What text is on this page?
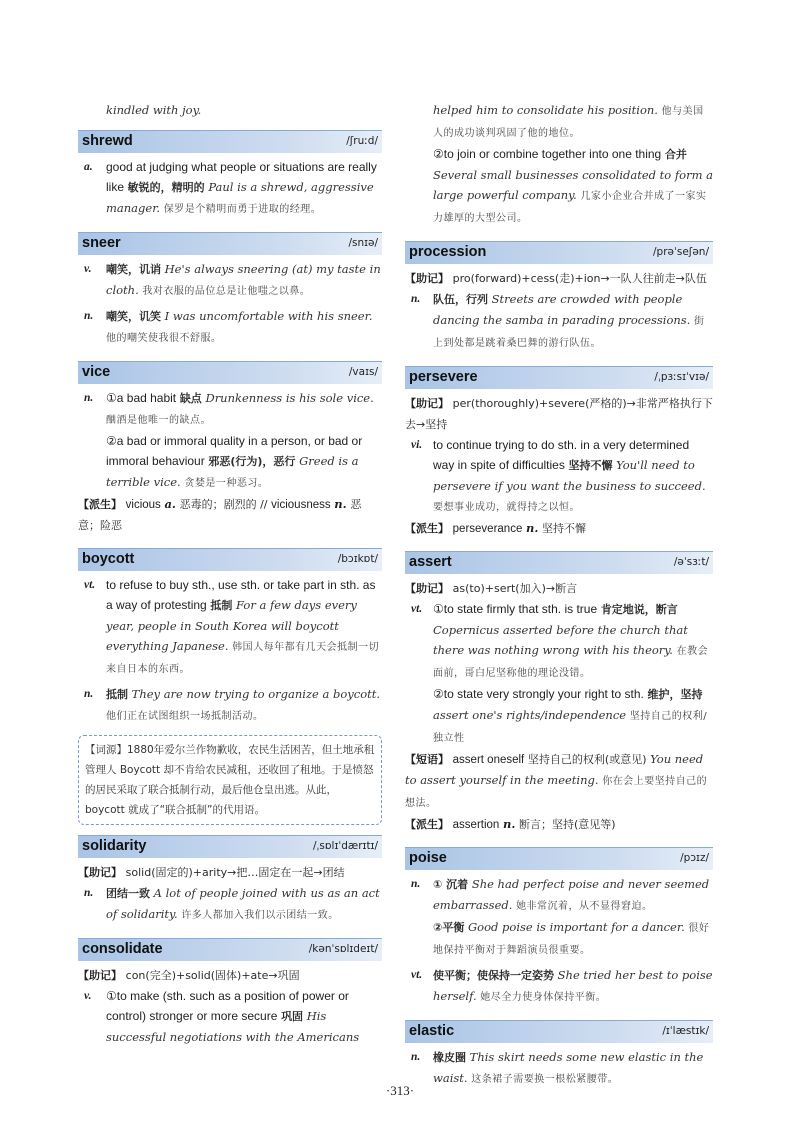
kindled with joy.
shrewd	/ʃruːd/
a.	good at judging what people or situations are really like 敏锐的，精明的 Paul is a shrewd, aggressive manager. 保罗是个精明而勇于进取的经理。
sneer	/snɪə/
v.	嘲笑，讥诮 He's always sneering (at) my taste in cloth. 我对衣服的品位总是让他嗤之以鼻。
n.	嘲笑，讥笑 I was uncomfortable with his sneer. 他的嘲笑使我很不舒服。
vice	/vaɪs/
n.	①a bad habit 缺点 Drunkenness is his sole vice. 酗酒是他唯一的缺点。
②a bad or immoral quality in a person, or bad or immoral behaviour 邪恶(行为)，恶行 Greed is a terrible vice. 贪婪是一种恶习。
【派生】 vicious a. 恶毒的；剧烈的 // viciousness n. 恶意；险恶
boycott	/bɔɪkɒt/
vt. to refuse to buy sth., use sth. or take part in sth. as a way of protesting 抵制 For a few days every year, people in South Korea will boycott everything Japanese. 韩国人每年都有几天会抵制一切来自日本的东西。
n.	抵制 They are now trying to organize a boycott. 他们正在试图组织一场抵制活动。
【词源】1880年爱尔兰作物歉收，农民生活困苦，但土地承租管理人 Boycott 却不肯给农民减租，还收回了租地。于是愤怒的居民采取了联合抵制行动，最后他仓皇出逃。从此，boycott 就成了“联合抵制”的代用语。
solidarity	/ˌsɒlɪˈdærɪtɪ/
【助记】 solid(固定的)+arity→把…固定在一起→团结
n.	团结一致 A lot of people joined with us as an act of solidarity. 许多人都加入我们以示团结一致。
consolidate	/kənˈsɒlɪdeɪt/
【助记】 con(完全)+solid(固体)+ate→巩固
v.	①to make (sth. such as a position of power or control) stronger or more secure 巩固 His successful negotiations with the Americans
helped him to consolidate his position. 他与美国人的成功谈判巩固了他的地位。
②to join or combine together into one thing 合并 Several small businesses consolidated to form a large powerful company. 几家小企业合并成了一家实力雄厚的大型公司。
procession	/prəˈseʃən/
【助记】 pro(forward)+cess(走)+ion→一队人往前走→队伍
n.	队伍，行列 Streets are crowded with people dancing the samba in parading processions. 街上到处都是跳着桑巴舞的游行队伍。
persevere	/ˌpɜːsɪˈvɪə/
【助记】 per(thoroughly)+severe(严格的)→非常严格执行下去→坚持
vi. to continue trying to do sth. in a very determined way in spite of difficulties 坚持不懈 You'll need to persevere if you want the business to succeed. 要想事业成功，就得持之以恒。
【派生】 perseverance n. 坚持不懈
assert	/əˈsɜːt/
【助记】 as(to)+sert(加入)→断言
vt. ①to state firmly that sth. is true 肯定地说，断言 Copernicus asserted before the church that there was nothing wrong with his theory. 在教会面前，哥白尼坚称他的理论没错。
②to state very strongly your right to sth. 维护，坚持 assert one's rights/independence 坚持自己的权利/独立性
【短语】 assert oneself 坚持自己的权利(或意见) You need to assert yourself in the meeting. 你在会上要坚持自己的想法。
【派生】 assertion n. 断言；坚持(意见等)
poise	/pɔɪz/
n.	① 沉着 She had perfect poise and never seemed embarrassed. 她非常沉着，从不显得窘迫。
②平衡 Good poise is important for a dancer. 很好地保持平衡对于舞蹈演员很重要。
vt. 使平衡；使保持一定姿势 She tried her best to poise herself. 她尽全力使身体保持平衡。
elastic	/ɪˈlæstɪk/
n.	橡皮圈 This skirt needs some new elastic in the waist. 这条裙子需要换一根松紧腰带。
·313·
